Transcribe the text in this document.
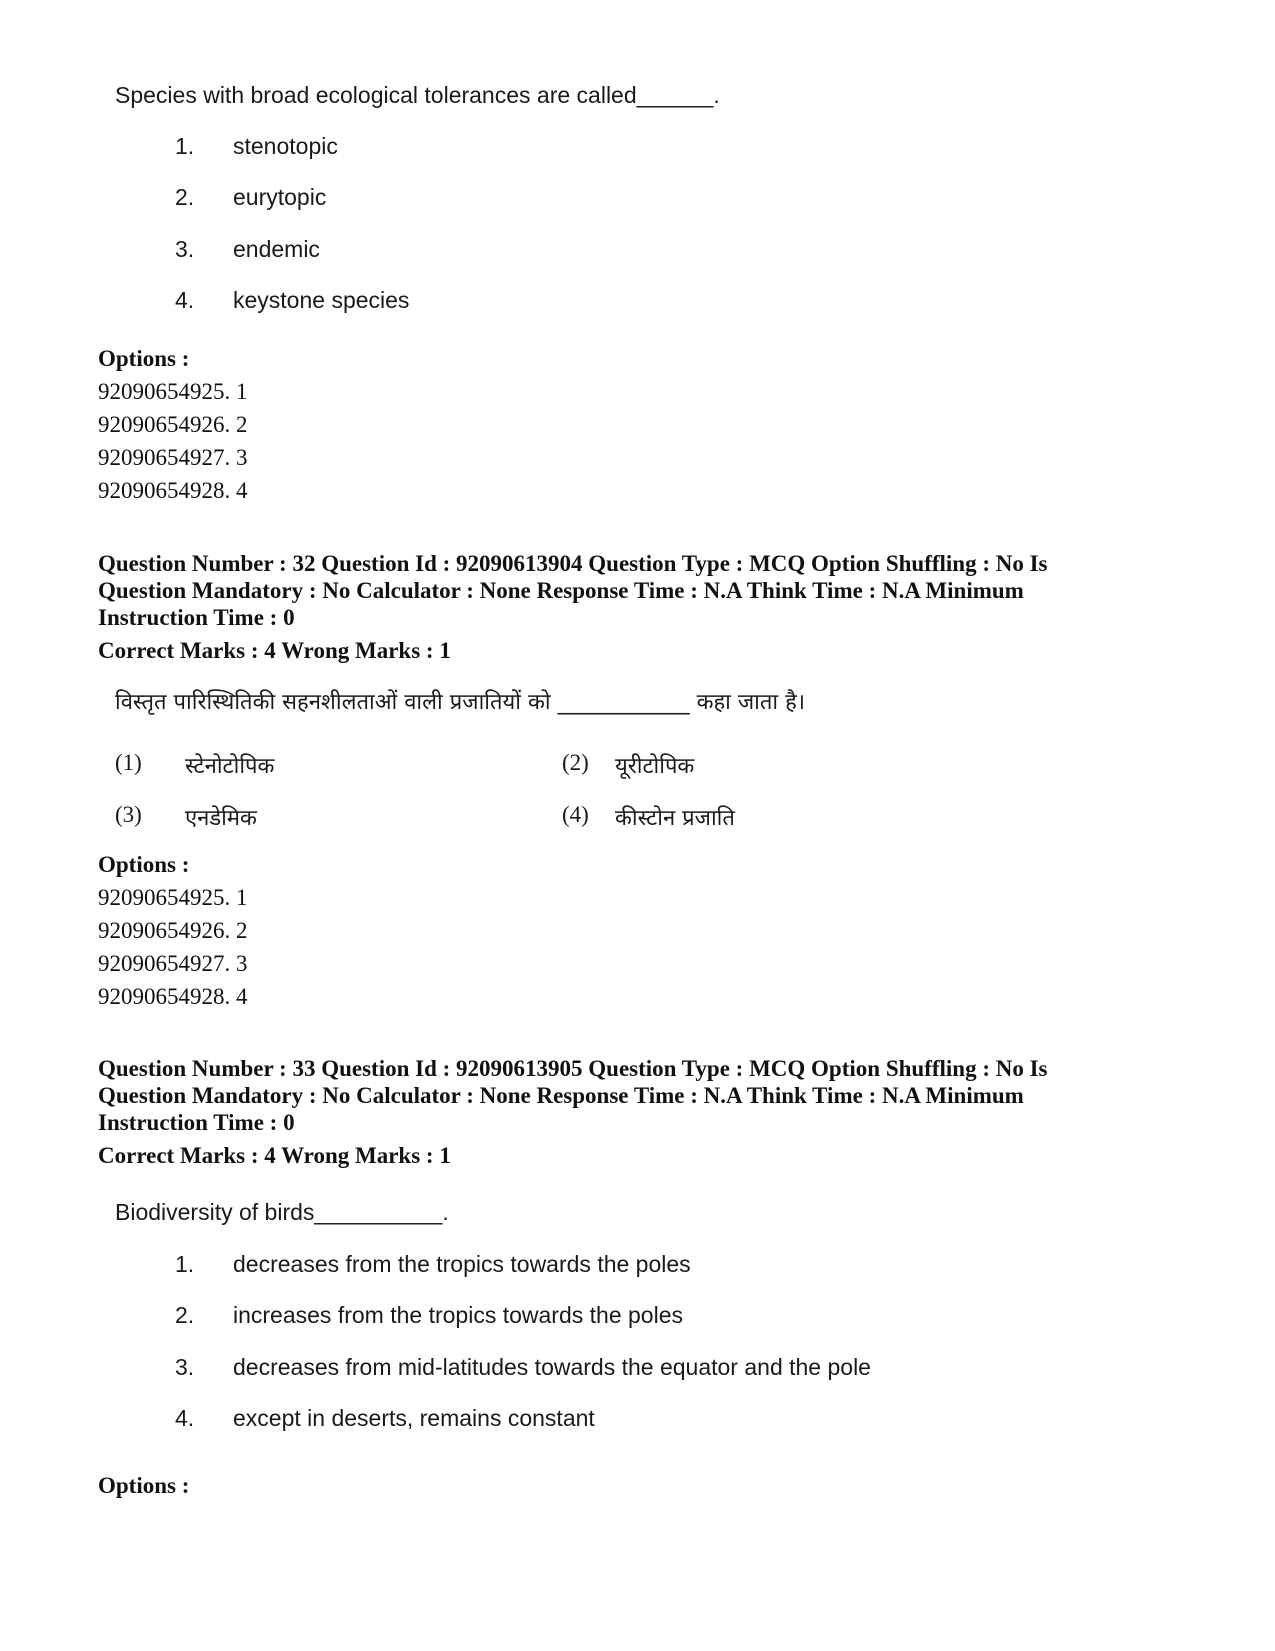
Species with broad ecological tolerances are called______.
1. stenotopic
2. eurytopic
3. endemic
4. keystone species
Options :
92090654925. 1
92090654926. 2
92090654927. 3
92090654928. 4
Question Number : 32 Question Id : 92090613904 Question Type : MCQ Option Shuffling : No Is
Question Mandatory : No Calculator : None Response Time : N.A Think Time : N.A Minimum
Instruction Time : 0
Correct Marks : 4 Wrong Marks : 1
विस्तृत पारिस्थितिकी सहनशीलताओं वाली प्रजातियों को ____________ कहा जाता है।
(1) स्टेनोटोपिक	(2) यूरीटोपिक
(3) एनडेमिक	(4) कीस्टोन प्रजाति
Options :
92090654925. 1
92090654926. 2
92090654927. 3
92090654928. 4
Question Number : 33 Question Id : 92090613905 Question Type : MCQ Option Shuffling : No Is
Question Mandatory : No Calculator : None Response Time : N.A Think Time : N.A Minimum
Instruction Time : 0
Correct Marks : 4 Wrong Marks : 1
Biodiversity of birds__________.
1. decreases from the tropics towards the poles
2. increases from the tropics towards the poles
3. decreases from mid-latitudes towards the equator and the pole
4. except in deserts, remains constant
Options :
